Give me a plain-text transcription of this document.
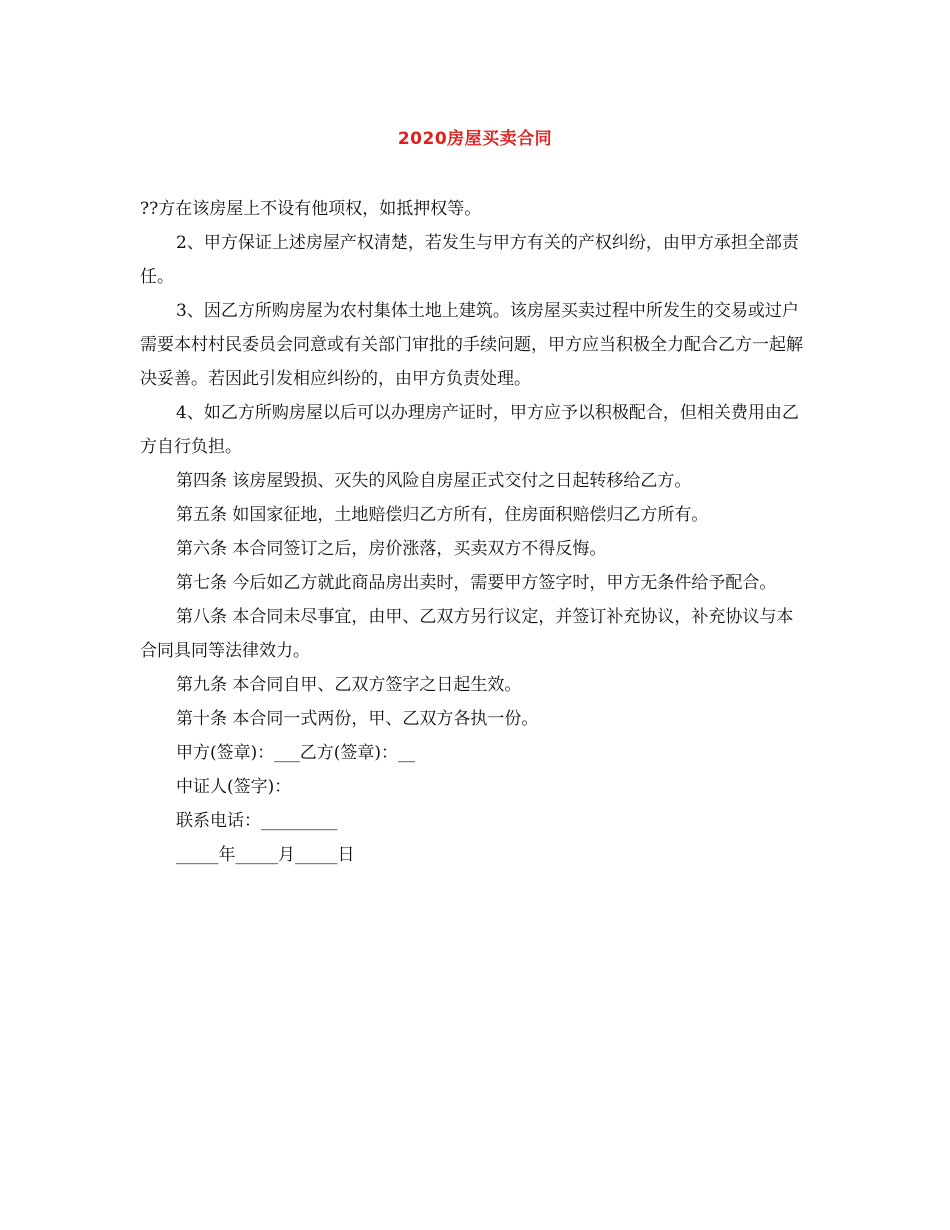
2020房屋买卖合同

??方在该房屋上不设有他项权，如抵押权等。

2、甲方保证上述房屋产权清楚，若发生与甲方有关的产权纠纷，由甲方承担全部责任。

3、因乙方所购房屋为农村集体土地上建筑。该房屋买卖过程中所发生的交易或过户需要本村村民委员会同意或有关部门审批的手续问题，甲方应当积极全力配合乙方一起解决妥善。若因此引发相应纠纷的，由甲方负责处理。

4、如乙方所购房屋以后可以办理房产证时，甲方应予以积极配合，但相关费用由乙方自行负担。

第四条 该房屋毁损、灭失的风险自房屋正式交付之日起转移给乙方。

第五条 如国家征地，土地赔偿归乙方所有，住房面积赔偿归乙方所有。

第六条 本合同签订之后，房价涨落，买卖双方不得反悔。

第七条 今后如乙方就此商品房出卖时，需要甲方签字时，甲方无条件给予配合。

第八条 本合同未尽事宜，由甲、乙双方另行议定，并签订补充协议，补充协议与本合同具同等法律效力。

第九条 本合同自甲、乙双方签字之日起生效。

第十条 本合同一式两份，甲、乙双方各执一份。

甲方(签章)：___乙方(签章)：__

中证人(签字)：

联系电话：_________

_____年_____月_____日
